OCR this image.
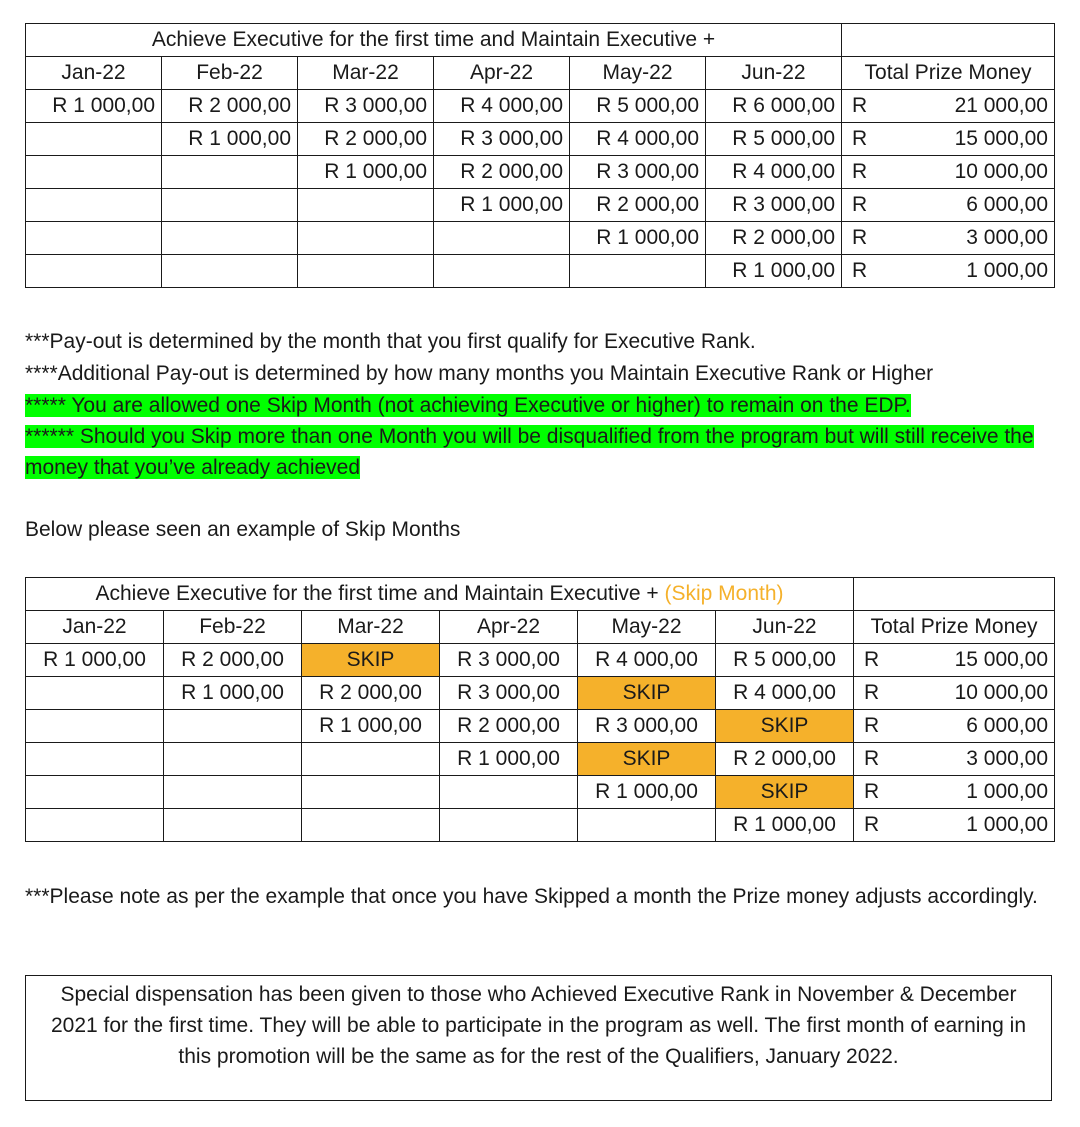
Achieve Executive for the first time and Maintain Executive +						
Jan-22	Feb-22	Mar-22	Apr-22	May-22	Jun-22	Total Prize Money
R 1 000,00	R 2 000,00	R 3 000,00	R 4 000,00	R 5 000,00	R 6 000,00	R 21 000,00

	R 1 000,00	R 2 000,00	R 3 000,00	R 4 000,00	R 5 000,00	R 15 000,00

		R 1 000,00	R 2 000,00	R 3 000,00	R 4 000,00	R 10 000,00

			R 1 000,00	R 2 000,00	R 3 000,00	R 6 000,00

				R 1 000,00	R 2 000,00	R 3 000,00

					R 1 000,00	R 1 000,00

***Pay-out is determined by the month that you first qualify for Executive Rank.

****Additional Pay-out is determined by how many months you Maintain Executive Rank or Higher

***** You are allowed one Skip Month (not achieving Executive or higher) to remain on the EDP.
****** Should you Skip more than one Month you will be disqualified from the program but will still receive the money that you’ve already achieved

Below please seen an example of Skip Months

Achieve Executive for the first time and Maintain Executive + (Skip Month)						
Jan-22	Feb-22	Mar-22	Apr-22	May-22	Jun-22	Total Prize Money
R 1 000,00	R 2 000,00	SKIP	R 3 000,00	R 4 000,00	R 5 000,00	R 15 000,00

	R 1 000,00	R 2 000,00	R 3 000,00	SKIP	R 4 000,00	R 10 000,00

		R 1 000,00	R 2 000,00	R 3 000,00	SKIP	R 6 000,00

			R 1 000,00	SKIP	R 2 000,00	R 3 000,00

				R 1 000,00	SKIP	R 1 000,00

					R 1 000,00	R 1 000,00

***Please note as per the example that once you have Skipped a month the Prize money adjusts accordingly.

Special dispensation has been given to those who Achieved Executive Rank in November & December 2021 for the first time. They will be able to participate in the program as well. The first month of earning in this promotion will be the same as for the rest of the Qualifiers, January 2022.
